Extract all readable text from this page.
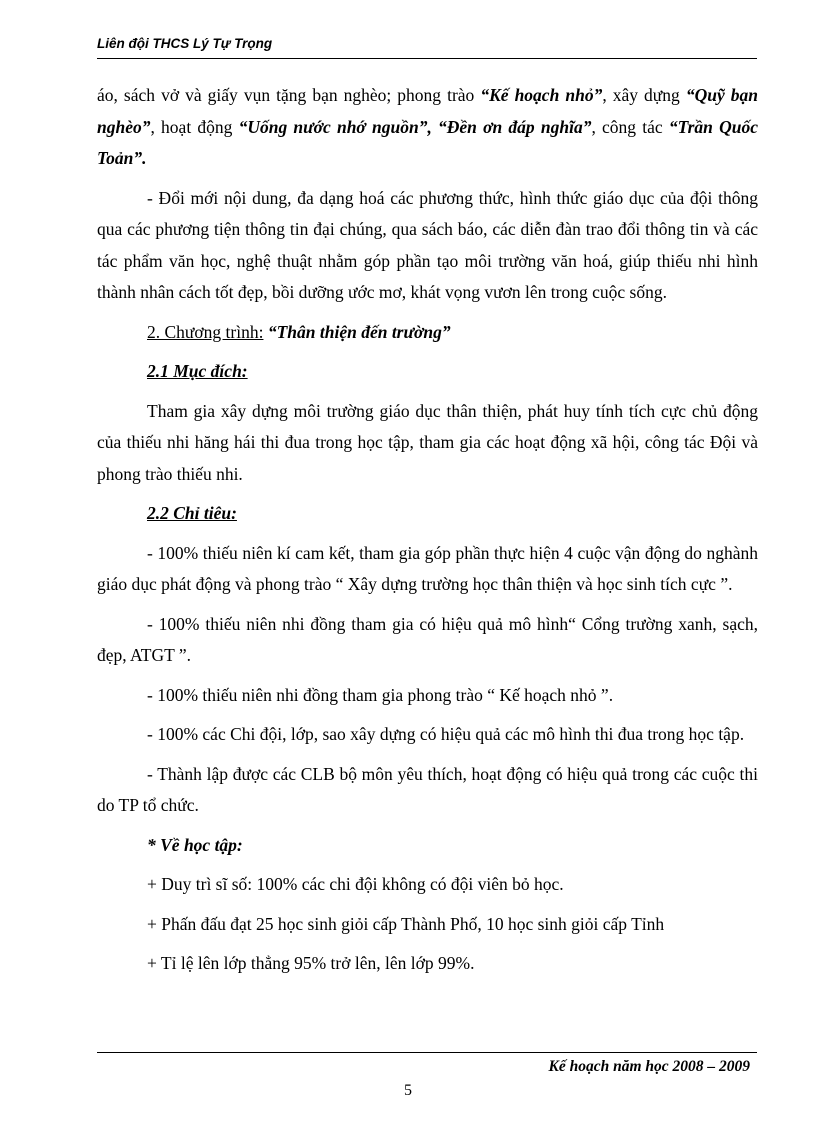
Liên đội THCS Lý Tự Trọng

áo, sách vở và giấy vụn tặng bạn nghèo; phong trào “Kế hoạch nhỏ”, xây dựng “Quỹ bạn nghèo”, hoạt động “Uống nước nhớ nguồn”, “Đền ơn đáp nghĩa”, công tác “Trần Quốc Toản”.

- Đổi mới nội dung, đa dạng hoá các phương thức, hình thức giáo dục của đội thông qua các phương tiện thông tin đại chúng, qua sách báo, các diễn đàn trao đổi thông tin và các tác phẩm văn học, nghệ thuật nhằm góp phần tạo môi trường văn hoá, giúp thiếu nhi hình thành nhân cách tốt đẹp, bồi dưỡng ước mơ, khát vọng vươn lên trong cuộc sống.

2. Chương trình: “Thân thiện đến trường”

2.1 Mục đích:

Tham gia xây dựng môi trường giáo dục thân thiện, phát huy tính tích cực chủ động của thiếu nhi hăng hái thi đua trong học tập, tham gia các hoạt động xã hội, công tác Đội và phong trào thiếu nhi.

2.2 Chỉ tiêu:

- 100% thiếu niên kí cam kết, tham gia góp phần thực hiện 4 cuộc vận động do nghành giáo dục phát động và phong trào “ Xây dựng trường học thân thiện và học sinh tích cực ”.

- 100% thiếu niên nhi đồng tham gia có hiệu quả mô hình“ Cổng trường xanh, sạch, đẹp, ATGT ”.

- 100% thiếu niên nhi đồng tham gia phong trào “ Kế hoạch nhỏ ”.

- 100% các Chi đội, lớp, sao xây dựng có hiệu quả các mô hình thi đua trong học tập.

- Thành lập được các CLB bộ môn yêu thích, hoạt động có hiệu quả trong các cuộc thi do TP tổ chức.

* Về học tập:

+ Duy trì sĩ số: 100% các chi đội không có đội viên bỏ học.

+ Phấn đấu đạt 25 học sinh giỏi cấp Thành Phố, 10 học sinh giỏi cấp Tỉnh

+ Tỉ lệ lên lớp thẳng 95% trở lên, lên lớp 99%.

Kế hoạch năm học 2008 – 2009
5
